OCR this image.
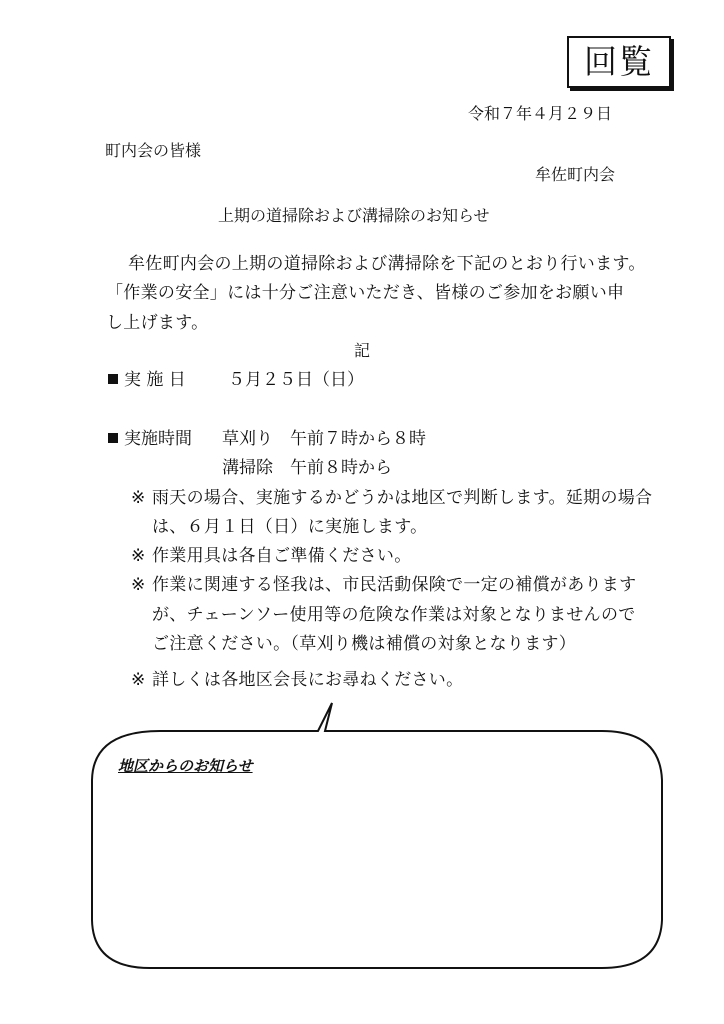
回覧
令和７年４月２９日
町内会の皆様
牟佐町内会
上期の道掃除および溝掃除のお知らせ
牟佐町内会の上期の道掃除および溝掃除を下記のとおり行います。
「作業の安全」には十分ご注意いただき、皆様のご参加をお願い申
し上げます。
記
実 施 日 ５月２５日（日）
実施時間 草刈り 午前７時から８時
溝掃除 午前８時から
※ 雨天の場合、実施するかどうかは地区で判断します。延期の場合
は、６月１日（日）に実施します。
※ 作業用具は各自ご準備ください。
※ 作業に関連する怪我は、市民活動保険で一定の補償があります
が、チェーンソー使用等の危険な作業は対象となりませんので
ご注意ください。（草刈り機は補償の対象となります）
※ 詳しくは各地区会長にお尋ねください。
地区からのお知らせ
